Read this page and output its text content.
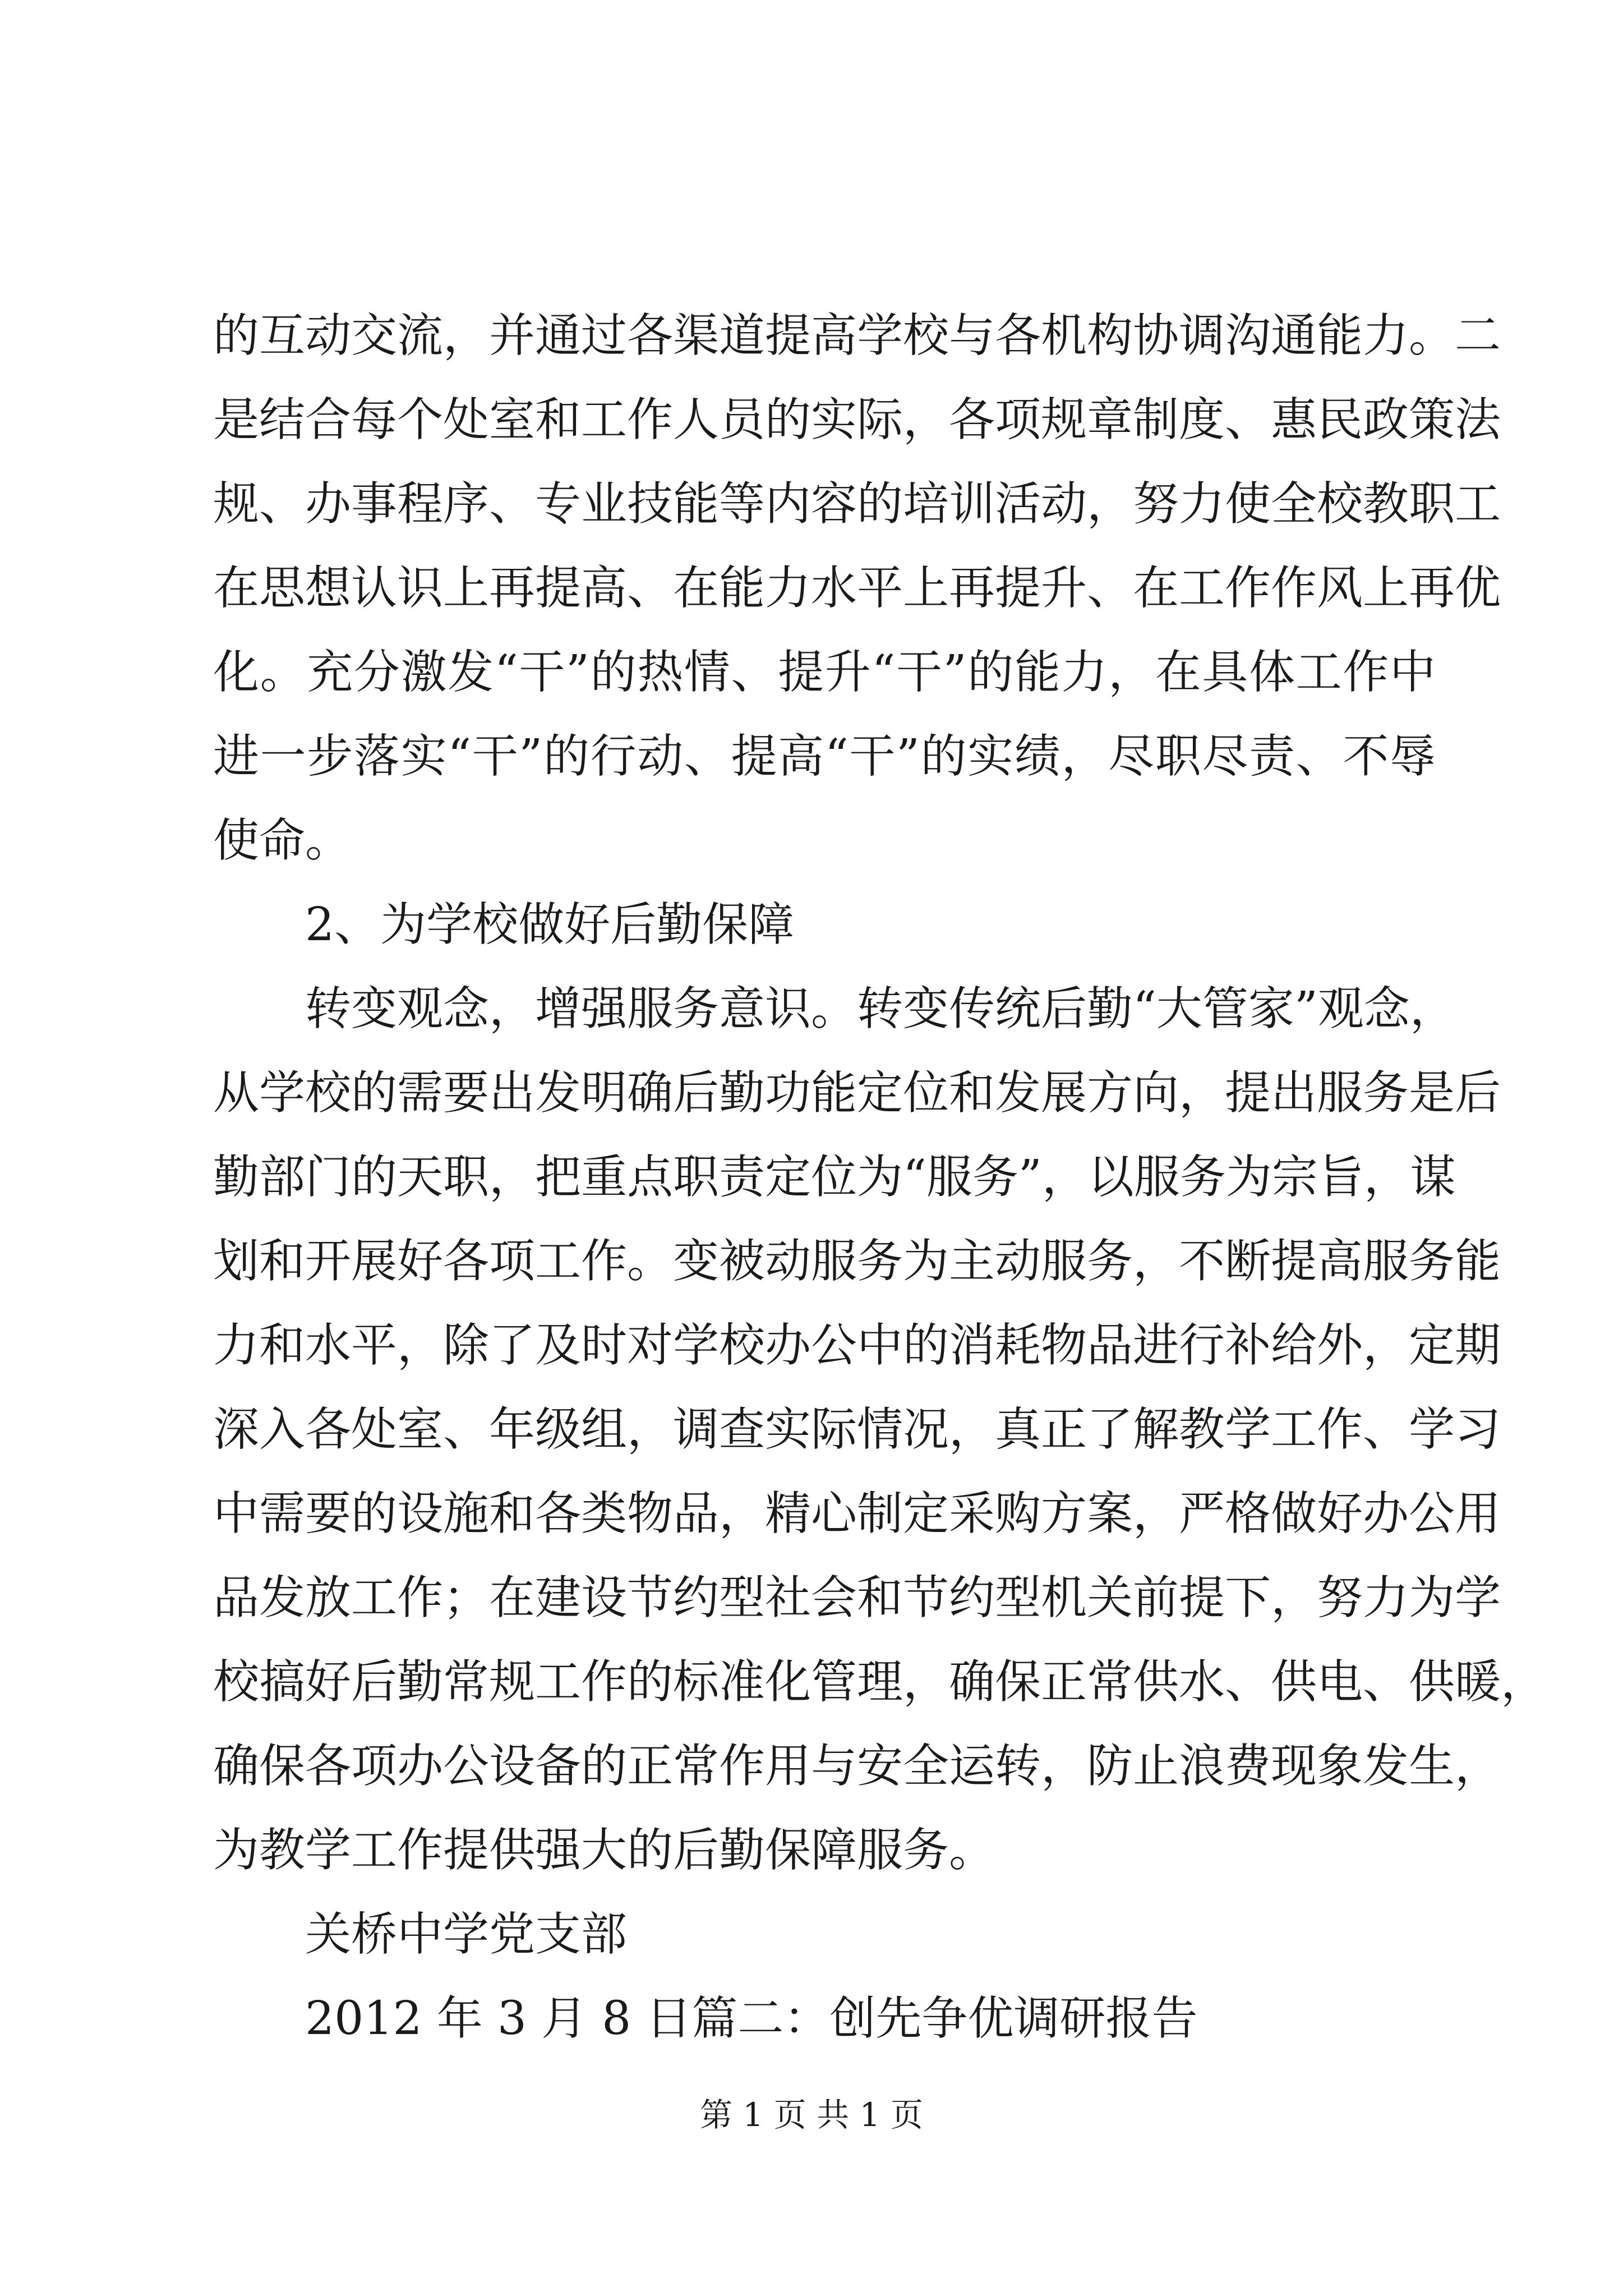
的互动交流，并通过各渠道提高学校与各机构协调沟通能力。二
是结合每个处室和工作人员的实际，各项规章制度、惠民政策法
规、办事程序、专业技能等内容的培训活动，努力使全校教职工
在思想认识上再提高、在能力水平上再提升、在工作作风上再优
化。充分激发“干”的热情、提升“干”的能力，在具体工作中
进一步落实“干”的行动、提高“干”的实绩，尽职尽责、不辱
使命。
2、为学校做好后勤保障
转变观念，增强服务意识。转变传统后勤“大管家”观念，
从学校的需要出发明确后勤功能定位和发展方向，提出服务是后
勤部门的天职，把重点职责定位为“服务”，以服务为宗旨，谋
划和开展好各项工作。变被动服务为主动服务，不断提高服务能
力和水平，除了及时对学校办公中的消耗物品进行补给外，定期
深入各处室、年级组，调查实际情况，真正了解教学工作、学习
中需要的设施和各类物品，精心制定采购方案，严格做好办公用
品发放工作；在建设节约型社会和节约型机关前提下，努力为学
校搞好后勤常规工作的标准化管理，确保正常供水、供电、供暖，
确保各项办公设备的正常作用与安全运转，防止浪费现象发生，
为教学工作提供强大的后勤保障服务。
关桥中学党支部
2012 年 3 月 8 日篇二：创先争优调研报告
第 1 页 共 1 页
